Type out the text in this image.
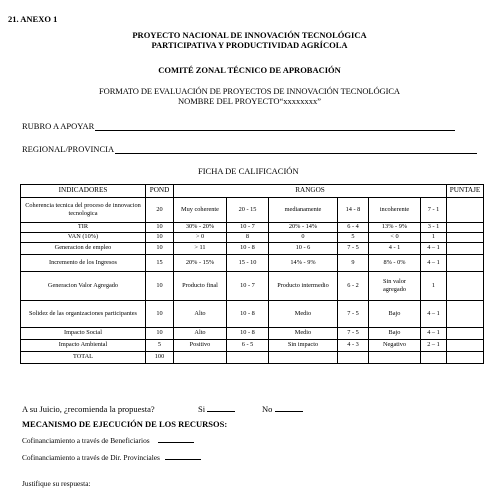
21. ANEXO 1
PROYECTO NACIONAL DE INNOVACIÓN TECNOLÓGICA
PARTICIPATIVA Y PRODUCTIVIDAD AGRÍCOLA
COMITÉ ZONAL TÉCNICO DE APROBACIÓN
FORMATO DE EVALUACIÓN DE PROYECTOS DE INNOVACIÓN TECNOLÓGICA
NOMBRE DEL PROYECTO“xxxxxxxx”
RUBRO A APOYAR
REGIONAL/PROVINCIA
FICHA DE CALIFICACIÓN
INDICADORES	POND	RANGOS						PUNTAJE
Coherencia tecnica del proceso de innovacion tecnologica	20	Muy coherente	20 - 15	medianamente	14 - 8	incoherente	7 - 1	
TIR	10	30% - 20%	10 - 7	20% - 14%	6 - 4	13% - 9%	3 - 1	
VAN (10%)	10	> 0	8	0	5	< 0	1	
Generacion de empleo	10	> 11	10 - 8	10 - 6	7 - 5	4 - 1	4 – 1	
Incremento de los Ingresos	15	20% - 15%	15 - 10	14% - 9%	9	8% - 0%	4 – 1	
Generacion Valor Agregado	10	Producto final	10 - 7	Producto intermedio	6 - 2	Sin valor agregado	1	
Solidez de las organizaciones participantes	10	Alto	10 - 8	Medio	7 - 5	Bajo	4 – 1	
Impacto Social	10	Alto	10 - 8	Medio	7 - 5	Bajo	4 – 1	
Impacto Ambiental	5	Positivo	6 - 5	Sin impacto	4 - 3	Negativo	2 – 1	
TOTAL	100							
A su Juicio, ¿recomienda la propuesta?	Si	No
MECANISMO DE EJECUCIÓN DE LOS RECURSOS:
Cofinanciamiento a través de Beneficiarios
Cofinanciamiento a través de Dir. Provinciales
Justifique su respuesta:
